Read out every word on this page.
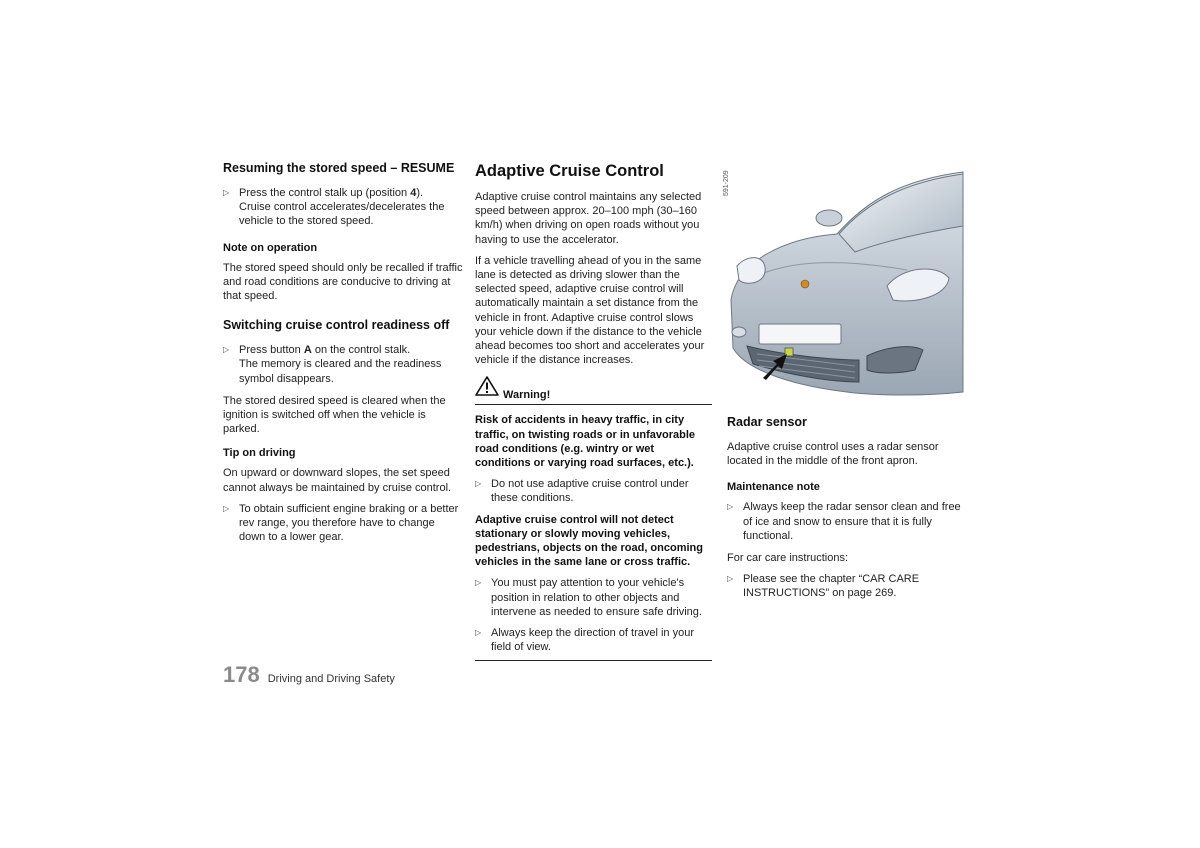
Resuming the stored speed – RESUME
▷ Press the control stalk up (position 4).
Cruise control accelerates/decelerates the vehicle to the stored speed.
Note on operation

The stored speed should only be recalled if traffic and road conditions are conducive to driving at that speed.

Switching cruise control readiness off
▷ Press button A on the control stalk.
The memory is cleared and the readiness symbol disappears.

The stored desired speed is cleared when the ignition is switched off when the vehicle is parked.

Tip on driving

On upward or downward slopes, the set speed cannot always be maintained by cruise control.

▷ To obtain sufficient engine braking or a better rev range, you therefore have to change down to a lower gear.
Adaptive Cruise Control

Adaptive cruise control maintains any selected speed between approx. 20–100 mph (30–160 km/h) when driving on open roads without you having to use the accelerator.

If a vehicle travelling ahead of you in the same lane is detected as driving slower than the selected speed, adaptive cruise control will automatically maintain a set distance from the vehicle in front. Adaptive cruise control slows your vehicle down if the distance to the vehicle ahead becomes too short and accelerates your vehicle if the distance increases.

Warning!

Risk of accidents in heavy traffic, in city traffic, on twisting roads or in unfavorable road conditions (e.g. wintry or wet conditions or varying road surfaces, etc.).

▷ Do not use adaptive cruise control under these conditions.

Adaptive cruise control will not detect stationary or slowly moving vehicles, pedestrians, objects on the road, oncoming vehicles in the same lane or cross traffic.

▷ You must pay attention to your vehicle's position in relation to other objects and intervene as needed to ensure safe driving.
▷ Always keep the direction of travel in your field of view.
591-209
Radar sensor

Adaptive cruise control uses a radar sensor located in the middle of the front apron.

Maintenance note
▷ Always keep the radar sensor clean and free of ice and snow to ensure that it is fully functional.

For car care instructions:

▷ Please see the chapter “CAR CARE INSTRUCTIONS” on page 269.
178 Driving and Driving Safety
